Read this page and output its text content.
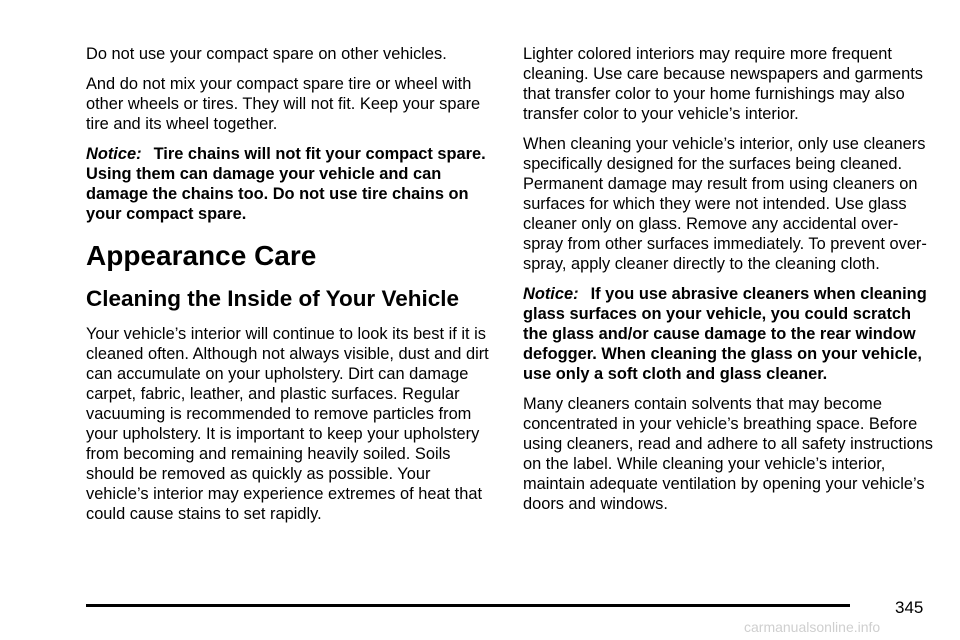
Do not use your compact spare on other vehicles.

And do not mix your compact spare tire or wheel with other wheels or tires. They will not fit. Keep your spare tire and its wheel together.

Notice: Tire chains will not fit your compact spare. Using them can damage your vehicle and can damage the chains too. Do not use tire chains on your compact spare.

Appearance Care
Cleaning the Inside of Your Vehicle

Your vehicle’s interior will continue to look its best if it is cleaned often. Although not always visible, dust and dirt can accumulate on your upholstery. Dirt can damage carpet, fabric, leather, and plastic surfaces. Regular vacuuming is recommended to remove particles from your upholstery. It is important to keep your upholstery from becoming and remaining heavily soiled. Soils should be removed as quickly as possible. Your vehicle’s interior may experience extremes of heat that could cause stains to set rapidly.

Lighter colored interiors may require more frequent cleaning. Use care because newspapers and garments that transfer color to your home furnishings may also transfer color to your vehicle’s interior.

When cleaning your vehicle’s interior, only use cleaners specifically designed for the surfaces being cleaned. Permanent damage may result from using cleaners on surfaces for which they were not intended. Use glass cleaner only on glass. Remove any accidental over-spray from other surfaces immediately. To prevent over-spray, apply cleaner directly to the cleaning cloth.

Notice: If you use abrasive cleaners when cleaning glass surfaces on your vehicle, you could scratch the glass and/or cause damage to the rear window defogger. When cleaning the glass on your vehicle, use only a soft cloth and glass cleaner.

Many cleaners contain solvents that may become concentrated in your vehicle’s breathing space. Before using cleaners, read and adhere to all safety instructions on the label. While cleaning your vehicle’s interior, maintain adequate ventilation by opening your vehicle’s doors and windows.

345
carmanualsonline.info
